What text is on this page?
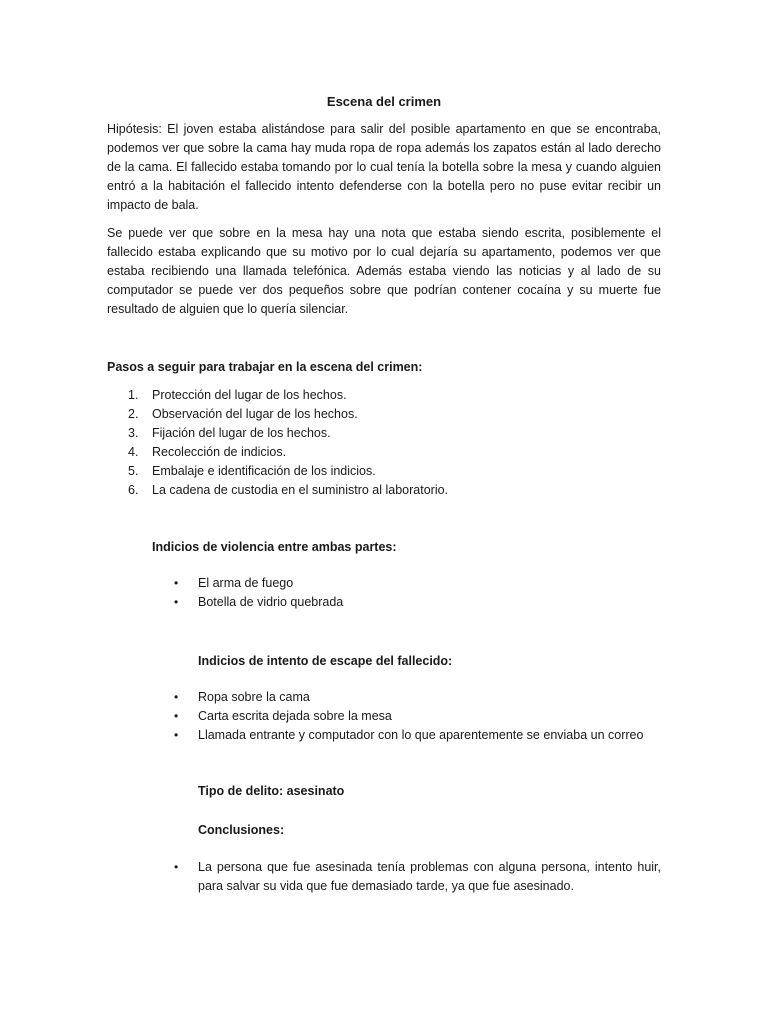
Escena del crimen

Hipótesis: El joven estaba alistándose para salir del posible apartamento en que se encontraba, podemos ver que sobre la cama hay muda ropa de ropa además los zapatos están al lado derecho de la cama. El fallecido estaba tomando por lo cual tenía la botella sobre la mesa y cuando alguien entró a la habitación el fallecido intento defenderse con la botella pero no puse evitar recibir un impacto de bala.

Se puede ver que sobre en la mesa hay una nota que estaba siendo escrita, posiblemente el fallecido estaba explicando que su motivo por lo cual dejaría su apartamento, podemos ver que estaba recibiendo una llamada telefónica. Además estaba viendo las noticias y al lado de su computador se puede ver dos pequeños sobre que podrían contener cocaína y su muerte fue resultado de alguien que lo quería silenciar.

Pasos a seguir para trabajar en la escena del crimen:

1. Protección del lugar de los hechos.
2. Observación del lugar de los hechos.
3. Fijación del lugar de los hechos.
4. Recolección de indicios.
5. Embalaje e identificación de los indicios.
6. La cadena de custodia en el suministro al laboratorio.

Indicios de violencia entre ambas partes:

• El arma de fuego
• Botella de vidrio quebrada

Indicios de intento de escape del fallecido:

• Ropa sobre la cama
• Carta escrita dejada sobre la mesa
• Llamada entrante y computador con lo que aparentemente se enviaba un correo

Tipo de delito: asesinato

Conclusiones:

• La persona que fue asesinada tenía problemas con alguna persona, intento huir, para salvar su vida que fue demasiado tarde, ya que fue asesinado.
